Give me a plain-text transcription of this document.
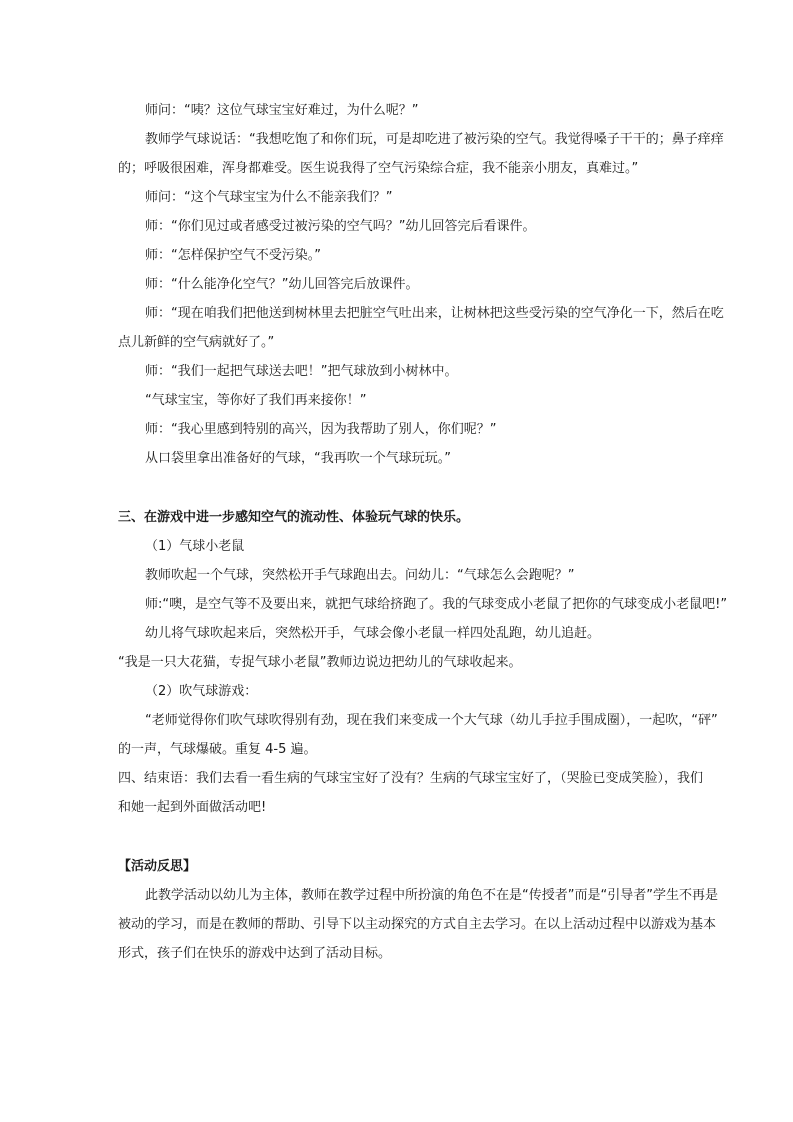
师问：“咦？这位气球宝宝好难过，为什么呢？”

教师学气球说话：“我想吃饱了和你们玩，可是却吃进了被污染的空气。我觉得嗓子干干的；鼻子痒痒

的；呼吸很困难，浑身都难受。医生说我得了空气污染综合症，我不能亲小朋友，真难过。”

师问：“这个气球宝宝为什么不能亲我们？”

师：“你们见过或者感受过被污染的空气吗？”幼儿回答完后看课件。

师：“怎样保护空气不受污染。”

师：“什么能净化空气？”幼儿回答完后放课件。

师：“现在咱我们把他送到树林里去把脏空气吐出来，让树林把这些受污染的空气净化一下，然后在吃

点儿新鲜的空气病就好了。”

师：“我们一起把气球送去吧！”把气球放到小树林中。

“气球宝宝，等你好了我们再来接你！”

师：“我心里感到特别的高兴，因为我帮助了别人，你们呢？”

从口袋里拿出准备好的气球，“我再吹一个气球玩玩。”

三、在游戏中进一步感知空气的流动性、体验玩气球的快乐。

（1）气球小老鼠

教师吹起一个气球，突然松开手气球跑出去。问幼儿：“气球怎么会跑呢？”

师:“噢，是空气等不及要出来，就把气球给挤跑了。我的气球变成小老鼠了把你的气球变成小老鼠吧!”

幼儿将气球吹起来后，突然松开手，气球会像小老鼠一样四处乱跑，幼儿追赶。

“我是一只大花猫，专捉气球小老鼠”教师边说边把幼儿的气球收起来。

（2）吹气球游戏：

“老师觉得你们吹气球吹得别有劲，现在我们来变成一个大气球（幼儿手拉手围成圈），一起吹，“砰”

的一声，气球爆破。重复 4-5 遍。

四、结束语：我们去看一看生病的气球宝宝好了没有？生病的气球宝宝好了，（哭脸已变成笑脸），我们

和她一起到外面做活动吧!

【活动反思】

此教学活动以幼儿为主体，教师在教学过程中所扮演的角色不在是“传授者”而是“引导者”学生不再是

被动的学习，而是在教师的帮助、引导下以主动探究的方式自主去学习。在以上活动过程中以游戏为基本

形式，孩子们在快乐的游戏中达到了活动目标。
